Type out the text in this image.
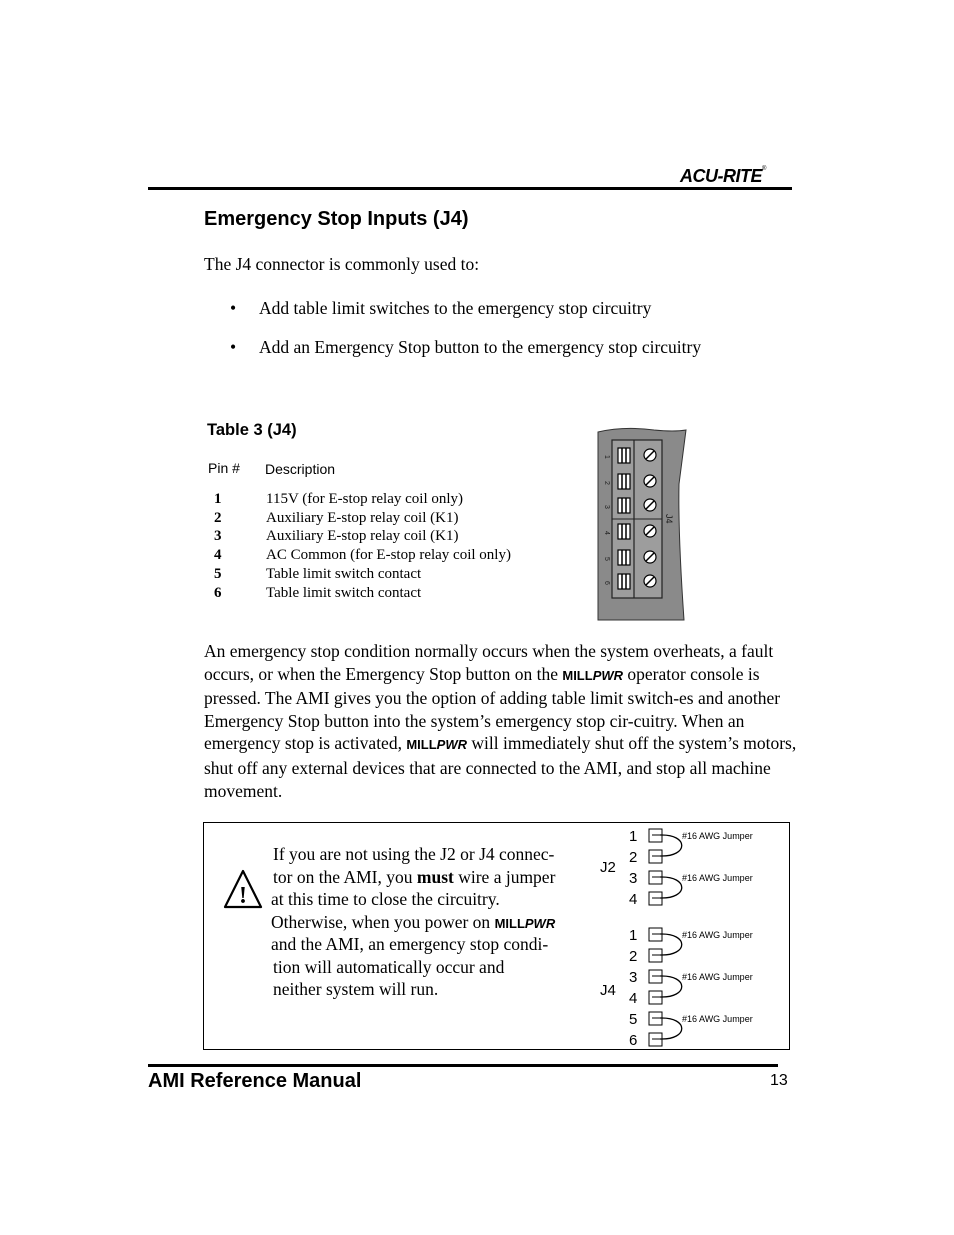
ACU-RITE®
Emergency Stop Inputs (J4)
The J4 connector is commonly used to:
• Add table limit switches to the emergency stop circuitry
• Add an Emergency Stop button to the emergency stop circuitry
Table 3 (J4)
Pin # Description
1	115V (for E-stop relay coil only)
2	Auxiliary E-stop relay coil (K1)
3	Auxiliary E-stop relay coil (K1)
4	AC Common (for E-stop relay coil only)
5	Table limit switch contact
6	Table limit switch contact
1
2
3
4
5
6
J4
An emergency stop condition normally occurs when the system overheats, a fault occurs, or when the Emergency Stop button on the MILLPWR operator console is pressed. The AMI gives you the option of adding table limit switch-es and another Emergency Stop button into the system’s emergency stop cir-cuitry. When an emergency stop is activated, MILLPWR will immediately shut off the system’s motors, shut off any external devices that are connected to the AMI, and stop all machine movement.
!
If you are not using the J2 or J4 connec-
tor on the AMI, you must wire a jumper
at this time to close the circuitry.
Otherwise, when you power on MILLPWR
and the AMI, an emergency stop condi-
tion will automatically occur and
neither system will run.
J2
J4
1
2
3
4
1
2
3
4
5
6
#16 AWG Jumper
#16 AWG Jumper
#16 AWG Jumper
#16 AWG Jumper
#16 AWG Jumper
AMI Reference Manual	13
